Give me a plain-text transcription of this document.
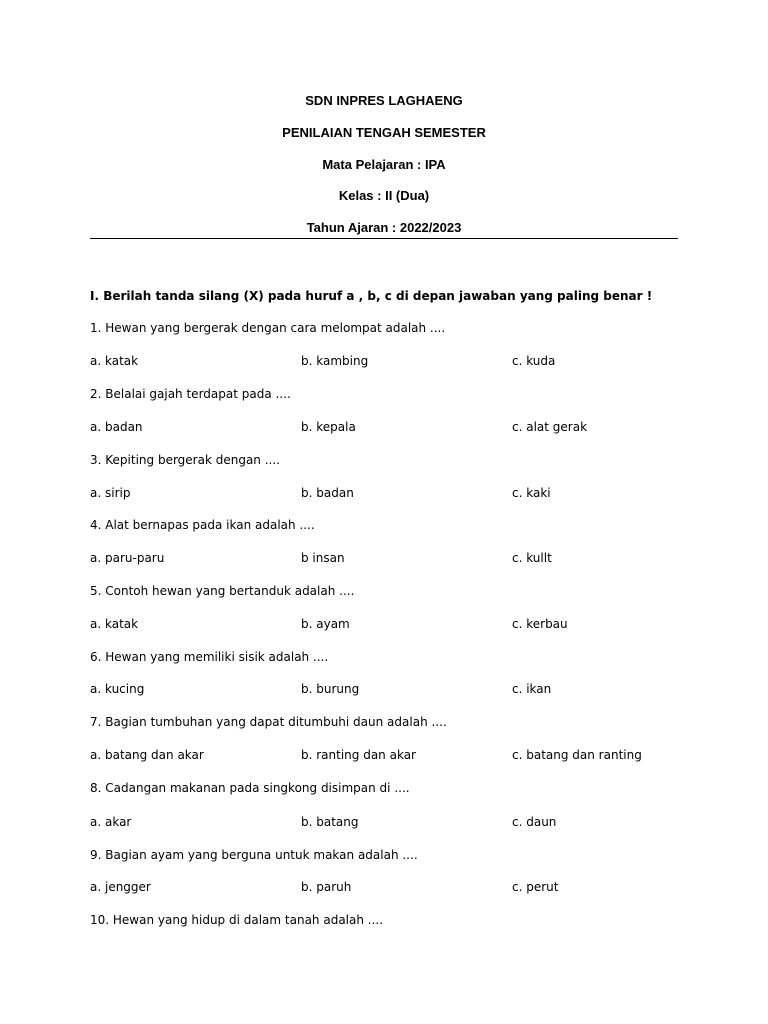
SDN INPRES LAGHAENG
PENILAIAN TENGAH SEMESTER
Mata Pelajaran : IPA
Kelas : II (Dua)
Tahun Ajaran : 2022/2023
I. Berilah tanda silang (X) pada huruf a , b, c di depan jawaban yang paling benar !
1. Hewan yang bergerak dengan cara melompat adalah ....
a. katak	b. kambing	c. kuda
2. Belalai gajah terdapat pada ....
a. badan	b. kepala	c. alat gerak
3. Kepiting bergerak dengan ....
a. sirip	b. badan	c. kaki
4. Alat bernapas pada ikan adalah ....
a. paru-paru	b insan	c. kullt
5. Contoh hewan yang bertanduk adalah ....
a. katak	b. ayam	c. kerbau
6. Hewan yang memiliki sisik adalah ....
a. kucing	b. burung	c. ikan
7. Bagian tumbuhan yang dapat ditumbuhi daun adalah ....
a. batang dan akar	b. ranting dan akar	c. batang dan ranting
8. Cadangan makanan pada singkong disimpan di ....
a. akar	b. batang	c. daun
9. Bagian ayam yang berguna untuk makan adalah ....
a. jengger	b. paruh	c. perut
10. Hewan yang hidup di dalam tanah adalah ....
